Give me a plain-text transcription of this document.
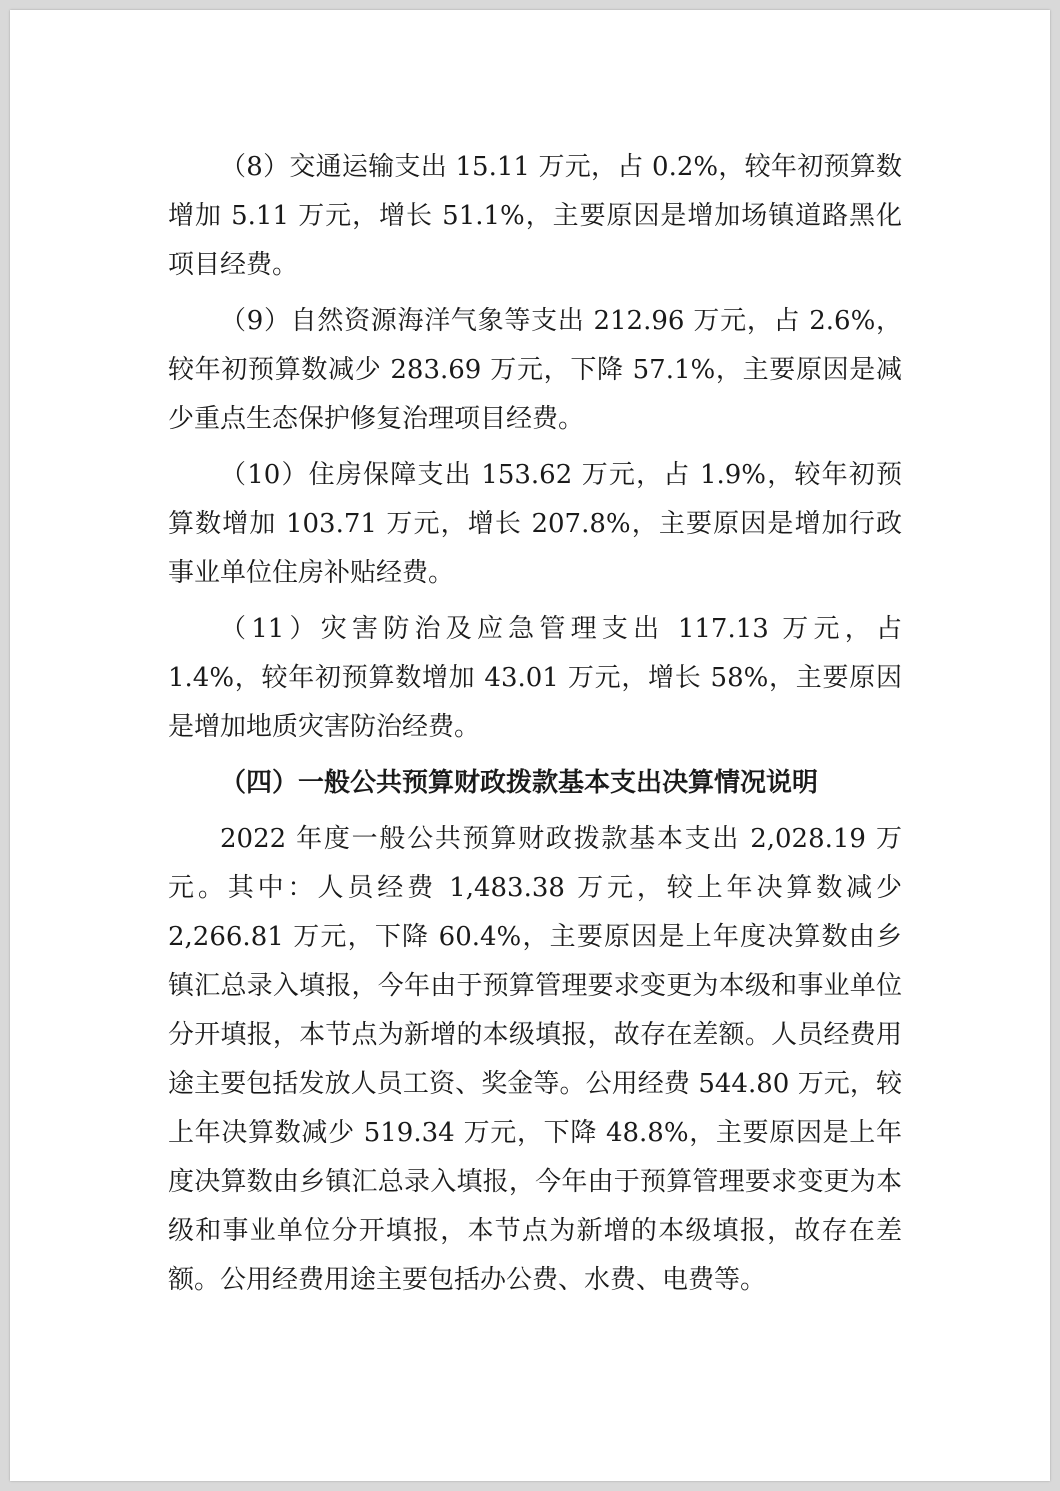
（8）交通运输支出 15.11 万元，占 0.2%，较年初预算数增加 5.11 万元，增长 51.1%，主要原因是增加场镇道路黑化项目经费。

（9）自然资源海洋气象等支出 212.96 万元，占 2.6%，较年初预算数减少 283.69 万元，下降 57.1%，主要原因是减少重点生态保护修复治理项目经费。

（10）住房保障支出 153.62 万元，占 1.9%，较年初预算数增加 103.71 万元，增长 207.8%，主要原因是增加行政事业单位住房补贴经费。

（11）灾害防治及应急管理支出 117.13 万元，占 1.4%，较年初预算数增加 43.01 万元，增长 58%，主要原因是增加地质灾害防治经费。

（四）一般公共预算财政拨款基本支出决算情况说明

2022 年度一般公共预算财政拨款基本支出 2,028.19 万元。其中：人员经费 1,483.38 万元，较上年决算数减少 2,266.81 万元，下降 60.4%，主要原因是上年度决算数由乡镇汇总录入填报，今年由于预算管理要求变更为本级和事业单位分开填报，本节点为新增的本级填报，故存在差额。人员经费用途主要包括发放人员工资、奖金等。公用经费 544.80 万元，较上年决算数减少 519.34 万元，下降 48.8%，主要原因是上年度决算数由乡镇汇总录入填报，今年由于预算管理要求变更为本级和事业单位分开填报，本节点为新增的本级填报，故存在差额。公用经费用途主要包括办公费、水费、电费等。
